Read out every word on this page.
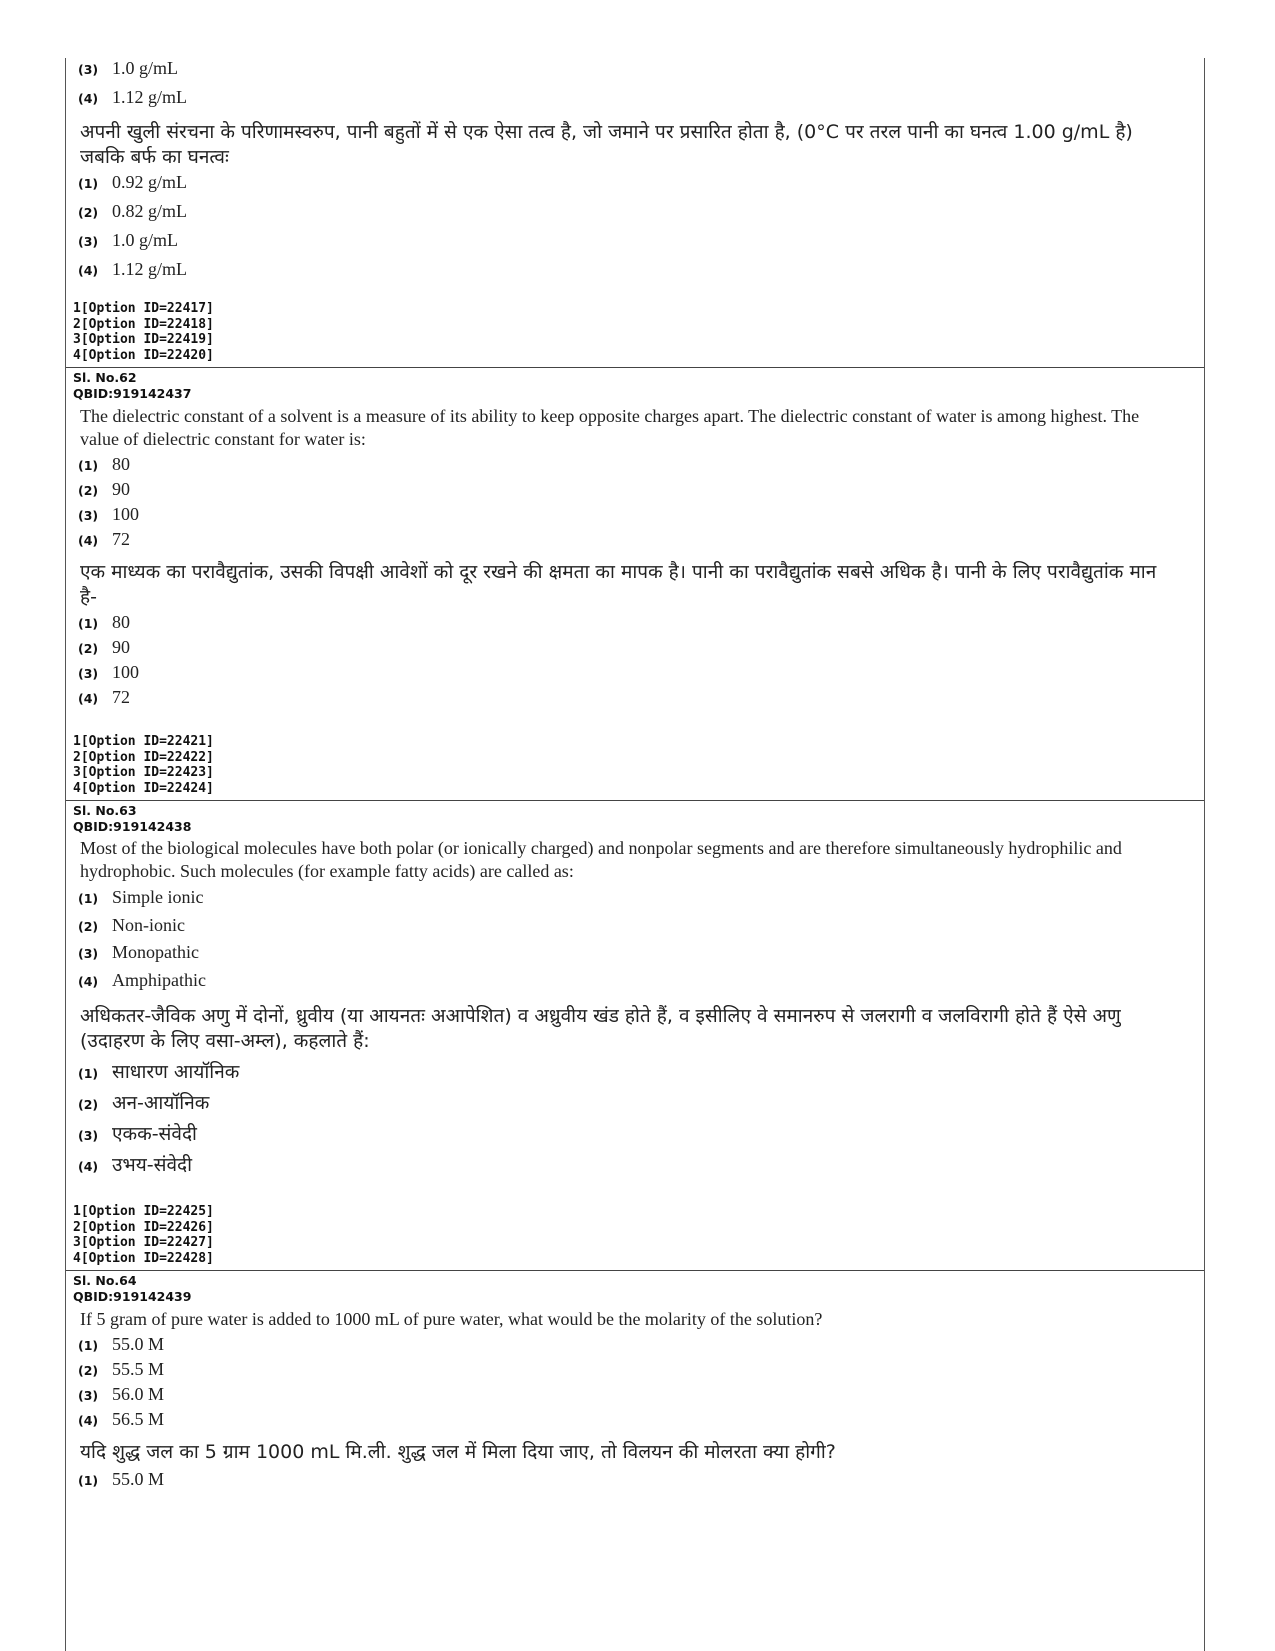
(3) 1.0 g/mL
(4) 1.12 g/mL
अपनी खुली संरचना के परिणामस्वरुप, पानी बहुतों में से एक ऐसा तत्व है, जो जमाने पर प्रसारित होता है, (0°C पर तरल पानी का घनत्व 1.00 g/mL है) जबकि बर्फ का घनत्वः
(1) 0.92 g/mL
(2) 0.82 g/mL
(3) 1.0 g/mL
(4) 1.12 g/mL
1[Option ID=22417]
2[Option ID=22418]
3[Option ID=22419]
4[Option ID=22420]
Sl. No.62
QBID:919142437
The dielectric constant of a solvent is a measure of its ability to keep opposite charges apart. The dielectric constant of water is among highest. The value of dielectric constant for water is:
(1) 80
(2) 90
(3) 100
(4) 72
एक माध्यक का परावैद्युतांक, उसकी विपक्षी आवेशों को दूर रखने की क्षमता का मापक है। पानी का परावैद्युतांक सबसे अधिक है। पानी के लिए परावैद्युतांक मान है-
(1) 80
(2) 90
(3) 100
(4) 72
1[Option ID=22421]
2[Option ID=22422]
3[Option ID=22423]
4[Option ID=22424]
Sl. No.63
QBID:919142438
Most of the biological molecules have both polar (or ionically charged) and nonpolar segments and are therefore simultaneously hydrophilic and hydrophobic. Such molecules (for example fatty acids) are called as:
(1) Simple ionic
(2) Non-ionic
(3) Monopathic
(4) Amphipathic
अधिकतर-जैविक अणु में दोनों, ध्रुवीय (या आयनतः अआपेशित) व अध्रुवीय खंड होते हैं, व इसीलिए वे समानरुप से जलरागी व जलविरागी होते हैं ऐसे अणु (उदाहरण के लिए वसा-अम्ल), कहलाते हैं:
(1) साधारण आयॉनिक
(2) अन-आयॉनिक
(3) एकक-संवेदी
(4) उभय-संवेदी
1[Option ID=22425]
2[Option ID=22426]
3[Option ID=22427]
4[Option ID=22428]
Sl. No.64
QBID:919142439
If 5 gram of pure water is added to 1000 mL of pure water, what would be the molarity of the solution?
(1) 55.0 M
(2) 55.5 M
(3) 56.0 M
(4) 56.5 M
यदि शुद्ध जल का 5 ग्राम 1000 mL मि.ली. शुद्ध जल में मिला दिया जाए, तो विलयन की मोलरता क्या होगी?
(1) 55.0 M
